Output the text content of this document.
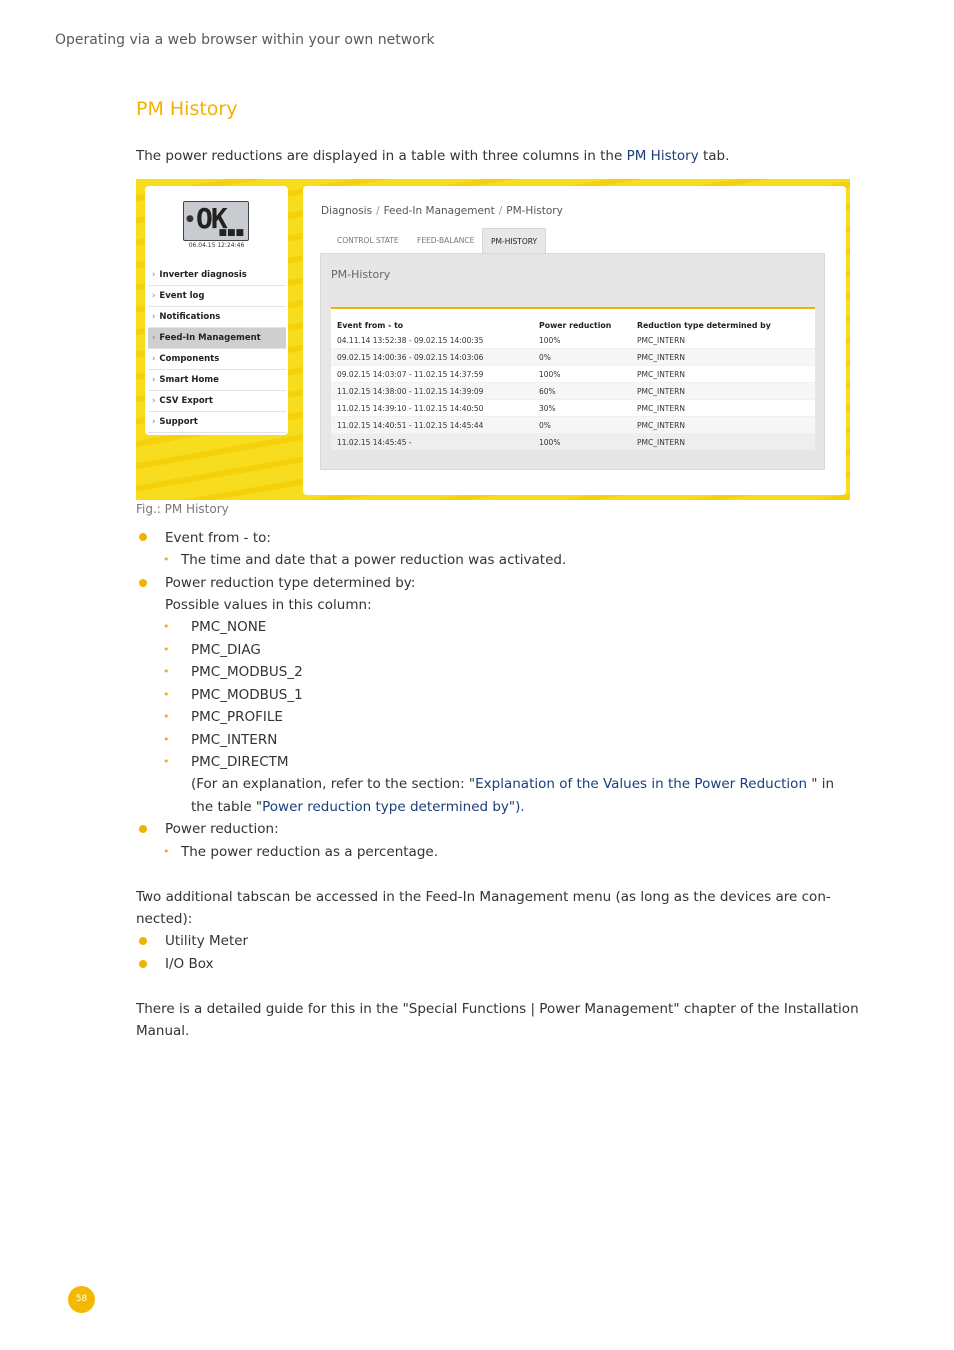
Operating via a web browser within your own network
PM History
The power reductions are displayed in a table with three columns in the PM History tab.
● OK
■■■
06.04.15 12:24:46
› Inverter diagnosis
› Event log
› Notifications
› Feed-In Management
› Components
› Smart Home
› CSV Export
› Support
Diagnosis / Feed-In Management / PM-History
CONTROL STATE FEED-BALANCE	PM-HISTORY
PM-History
Event from - to	Power reduction	Reduction type determined by
04.11.14 13:52:38 - 09.02.15 14:00:35	100%	PMC_INTERN
09.02.15 14:00:36 - 09.02.15 14:03:06	0%	PMC_INTERN
09.02.15 14:03:07 - 11.02.15 14:37:59	100%	PMC_INTERN
11.02.15 14:38:00 - 11.02.15 14:39:09	60%	PMC_INTERN
11.02.15 14:39:10 - 11.02.15 14:40:50	30%	PMC_INTERN
11.02.15 14:40:51 - 11.02.15 14:45:44	0%	PMC_INTERN
11.02.15 14:45:45 -	100%	PMC_INTERN
Fig.: PM History
Event from - to:
• The time and date that a power reduction was activated.
Power reduction type determined by:
Possible values in this column:
• PMC_NONE
• PMC_DIAG
• PMC_MODBUS_2
• PMC_MODBUS_1
• PMC_PROFILE
• PMC_INTERN
• PMC_DIRECTM
(For an explanation, refer to the section: "Explanation of the Values in the Power Reduction " in
the table "Power reduction type determined by").
Power reduction:
• The power reduction as a percentage.
Two additional tabscan be accessed in the Feed-In Management menu (as long as the devices are con-
nected):
Utility Meter
I/O Box
There is a detailed guide for this in the "Special Functions | Power Management" chapter of the Installation
Manual.
58
